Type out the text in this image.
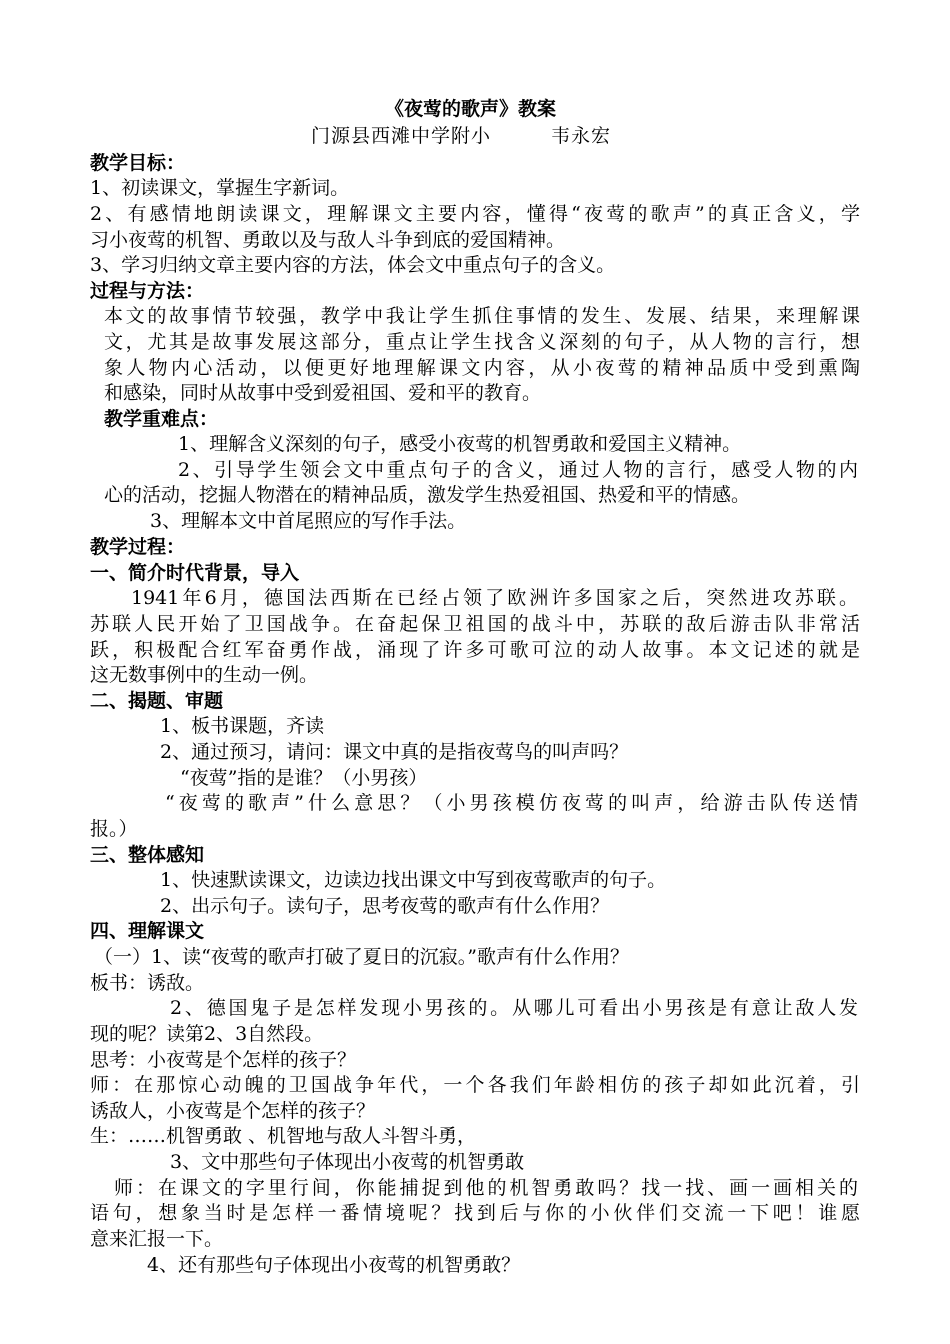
《夜莺的歌声》教案
门源县西滩中学附小　　　韦永宏
教学目标：
1、初读课文，掌握生字新词。
2、有感情地朗读课文，理解课文主要内容，懂得“夜莺的歌声”的真正含义，学
习小夜莺的机智、勇敢以及与敌人斗争到底的爱国精神。
3、学习归纳文章主要内容的方法，体会文中重点句子的含义。
过程与方法：
本文的故事情节较强，教学中我让学生抓住事情的发生、发展、结果，来理解课
文，尤其是故事发展这部分，重点让学生找含义深刻的句子，从人物的言行，想
象人物内心活动，以便更好地理解课文内容，从小夜莺的精神品质中受到熏陶
和感染，同时从故事中受到爱祖国、爱和平的教育。
教学重难点：
1、理解含义深刻的句子，感受小夜莺的机智勇敢和爱国主义精神。
2、引导学生领会文中重点句子的含义，通过人物的言行，感受人物的内
心的活动，挖掘人物潜在的精神品质，激发学生热爱祖国、热爱和平的情感。
3、理解本文中首尾照应的写作手法。
教学过程：
一、简介时代背景，导入
1941年6月，德国法西斯在已经占领了欧洲许多国家之后，突然进攻苏联。
苏联人民开始了卫国战争。在奋起保卫祖国的战斗中，苏联的敌后游击队非常活
跃，积极配合红军奋勇作战，涌现了许多可歌可泣的动人故事。本文记述的就是
这无数事例中的生动一例。
二、揭题、审题
1、板书课题，齐读
2、通过预习，请问：课文中真的是指夜莺鸟的叫声吗？
“夜莺”指的是谁？（小男孩）
“夜莺的歌声”什么意思？（小男孩模仿夜莺的叫声，给游击队传送情
报。）
三、整体感知
1、快速默读课文，边读边找出课文中写到夜莺歌声的句子。
2、出示句子。读句子，思考夜莺的歌声有什么作用？
四、理解课文
（一）1、读“夜莺的歌声打破了夏日的沉寂。”歌声有什么作用？
板书：诱敌。
2、德国鬼子是怎样发现小男孩的。从哪儿可看出小男孩是有意让敌人发
现的呢？读第2、3自然段。
思考：小夜莺是个怎样的孩子？
师：在那惊心动魄的卫国战争年代，一个各我们年龄相仿的孩子却如此沉着，引
诱敌人，小夜莺是个怎样的孩子？
生：……机智勇敢 、机智地与敌人斗智斗勇，
3、文中那些句子体现出小夜莺的机智勇敢
师：在课文的字里行间，你能捕捉到他的机智勇敢吗？找一找、画一画相关的
语句，想象当时是怎样一番情境呢？找到后与你的小伙伴们交流一下吧！谁愿
意来汇报一下。
4、还有那些句子体现出小夜莺的机智勇敢？
